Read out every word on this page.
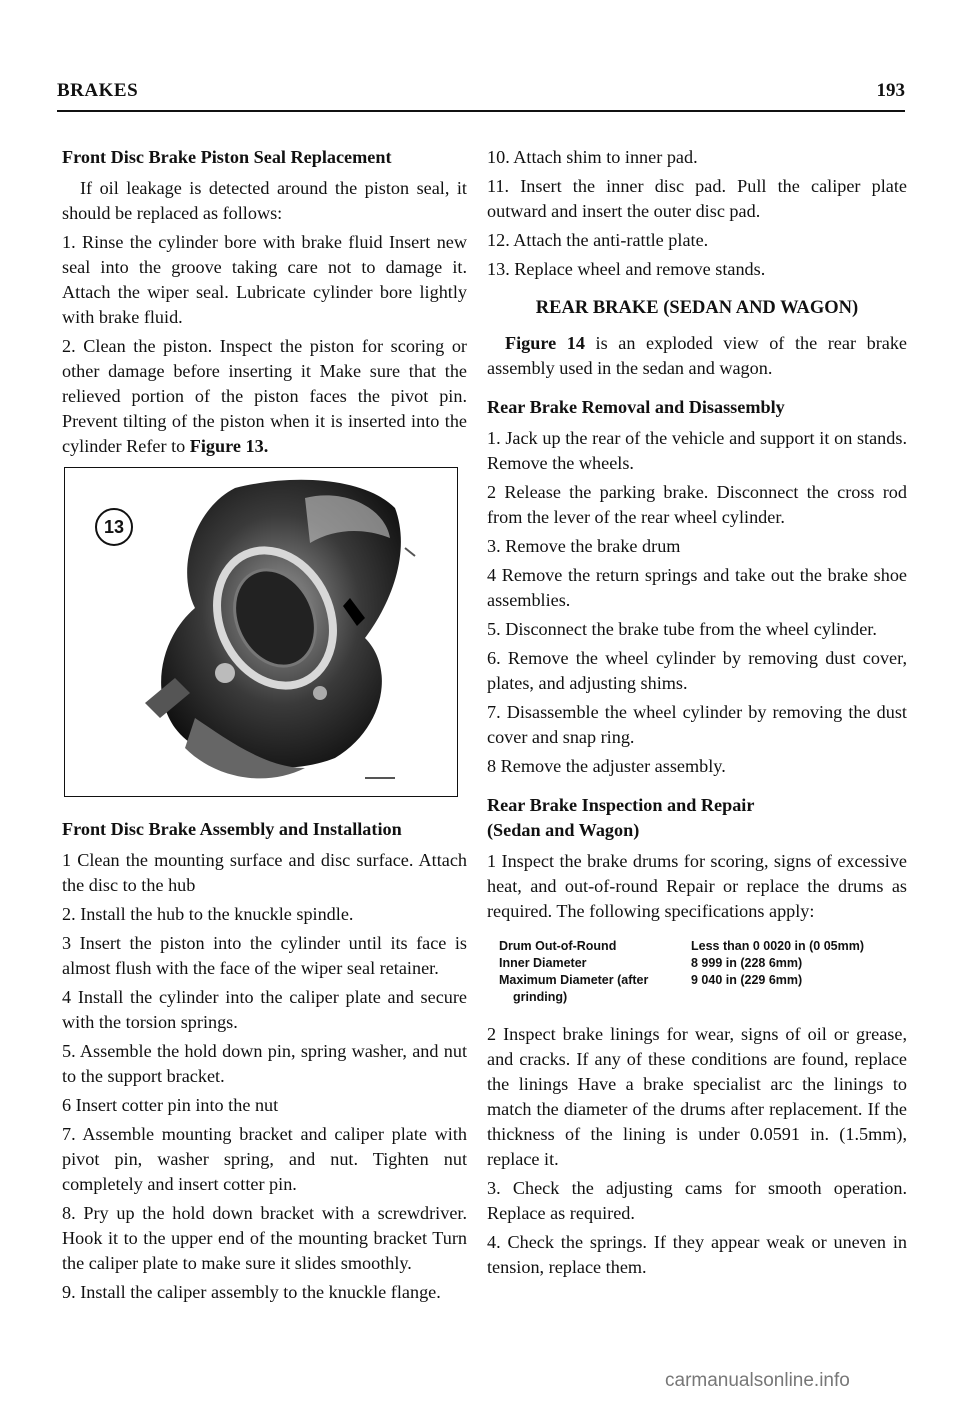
BRAKES	193
Front Disc Brake Piston Seal Replacement

If oil leakage is detected around the piston seal, it should be replaced as follows:

1. Rinse the cylinder bore with brake fluid Insert new seal into the groove taking care not to damage it. Attach the wiper seal. Lubricate cylinder bore lightly with brake fluid.

2. Clean the piston. Inspect the piston for scoring or other damage before inserting it Make sure that the relieved portion of the piston faces the pivot pin. Prevent tilting of the piston when it is inserted into the cylinder Refer to Figure 13.

13
Front Disc Brake Assembly and Installation

1 Clean the mounting surface and disc surface. Attach the disc to the hub

2. Install the hub to the knuckle spindle.

3 Insert the piston into the cylinder until its face is almost flush with the face of the wiper seal retainer.

4 Install the cylinder into the caliper plate and secure with the torsion springs.

5. Assemble the hold down pin, spring washer, and nut to the support bracket.

6 Insert cotter pin into the nut

7. Assemble mounting bracket and caliper plate with pivot pin, washer spring, and nut. Tighten nut completely and insert cotter pin.

8. Pry up the hold down bracket with a screwdriver. Hook it to the upper end of the mounting bracket Turn the caliper plate to make sure it slides smoothly.

9. Install the caliper assembly to the knuckle flange.

10. Attach shim to inner pad.

11. Insert the inner disc pad. Pull the caliper plate outward and insert the outer disc pad.

12. Attach the anti-rattle plate.

13. Replace wheel and remove stands.

REAR BRAKE (SEDAN AND WAGON)

Figure 14 is an exploded view of the rear brake assembly used in the sedan and wagon.

Rear Brake Removal and Disassembly

1. Jack up the rear of the vehicle and support it on stands. Remove the wheels.

2 Release the parking brake. Disconnect the cross rod from the lever of the rear wheel cylinder.

3. Remove the brake drum

4 Remove the return springs and take out the brake shoe assemblies.

5. Disconnect the brake tube from the wheel cylinder.

6. Remove the wheel cylinder by removing dust cover, plates, and adjusting shims.

7. Disassemble the wheel cylinder by removing the dust cover and snap ring.

8 Remove the adjuster assembly.

Rear Brake Inspection and Repair
(Sedan and Wagon)

1 Inspect the brake drums for scoring, signs of excessive heat, and out-of-round Repair or replace the drums as required. The following specifications apply:

Drum Out-of-Round	Less than 0 0020 in (0 05mm)
Inner Diameter	8 999 in (228 6mm)
Maximum Diameter (after	9 040 in (229 6mm)
grinding)

2 Inspect brake linings for wear, signs of oil or grease, and cracks. If any of these conditions are found, replace the linings Have a brake specialist arc the linings to match the diameter of the drums after replacement. If the thickness of the lining is under 0.0591 in. (1.5mm), replace it.

3. Check the adjusting cams for smooth operation. Replace as required.

4. Check the springs. If they appear weak or uneven in tension, replace them.

carmanualsonline.info
